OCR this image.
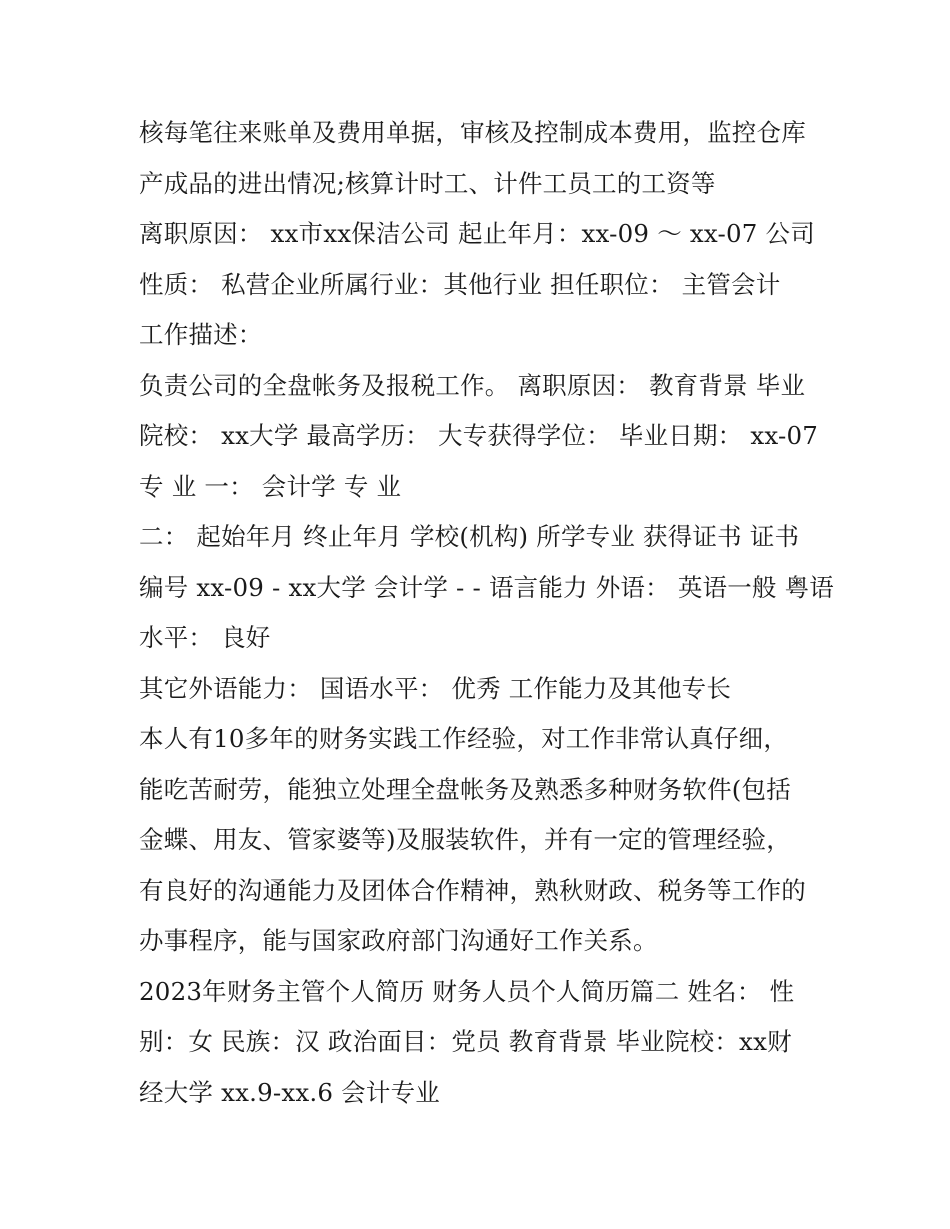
核每笔往来账单及费用单据，审核及控制成本费用，监控仓库
产成品的进出情况;核算计时工、计件工员工的工资等
离职原因： xx市xx保洁公司 起止年月：xx-09 ～ xx-07 公司
性质： 私营企业所属行业：其他行业 担任职位： 主管会计
工作描述：
负责公司的全盘帐务及报税工作。 离职原因： 教育背景 毕业
院校： xx大学 最高学历： 大专获得学位： 毕业日期： xx-07
专 业 一： 会计学 专 业
二： 起始年月 终止年月 学校(机构) 所学专业 获得证书 证书
编号 xx-09 - xx大学 会计学 - - 语言能力 外语： 英语一般 粤语
水平： 良好
其它外语能力： 国语水平： 优秀 工作能力及其他专长
本人有10多年的财务实践工作经验，对工作非常认真仔细，
能吃苦耐劳，能独立处理全盘帐务及熟悉多种财务软件(包括
金蝶、用友、管家婆等)及服装软件，并有一定的管理经验，
有良好的沟通能力及团体合作精神，熟秋财政、税务等工作的
办事程序，能与国家政府部门沟通好工作关系。
2023年财务主管个人简历 财务人员个人简历篇二 姓名： 性
别：女 民族：汉 政治面目：党员 教育背景 毕业院校：xx财
经大学 xx.9-xx.6 会计专业
